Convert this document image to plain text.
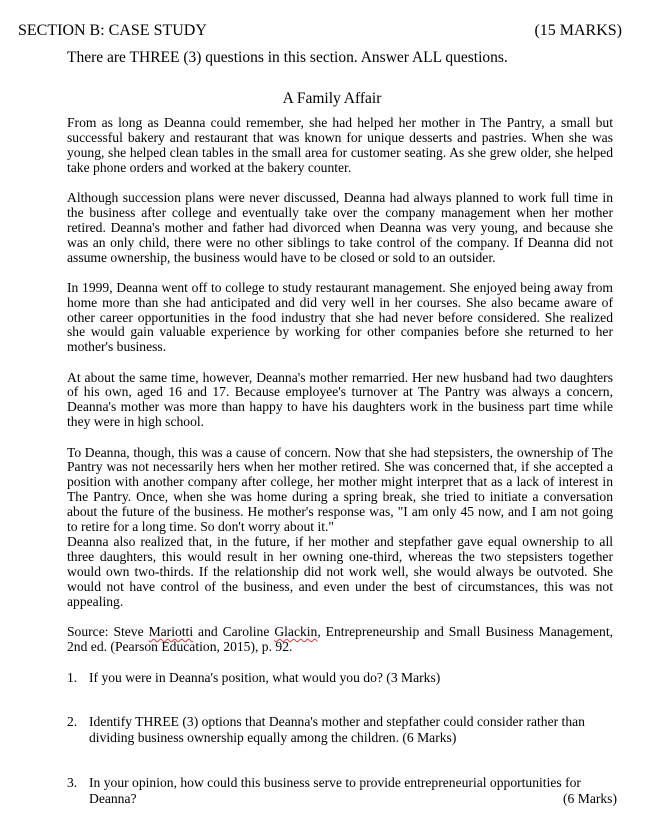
SECTION B: CASE STUDY	(15 MARKS)
There are THREE (3) questions in this section. Answer ALL questions.
A Family Affair

From as long as Deanna could remember, she had helped her mother in The Pantry, a small but successful bakery and restaurant that was known for unique desserts and pastries. When she was young, she helped clean tables in the small area for customer seating. As she grew older, she helped take phone orders and worked at the bakery counter.

Although succession plans were never discussed, Deanna had always planned to work full time in the business after college and eventually take over the company management when her mother retired. Deanna's mother and father had divorced when Deanna was very young, and because she was an only child, there were no other siblings to take control of the company. If Deanna did not assume ownership, the business would have to be closed or sold to an outsider.

In 1999, Deanna went off to college to study restaurant management. She enjoyed being away from home more than she had anticipated and did very well in her courses. She also became aware of other career opportunities in the food industry that she had never before considered. She realized she would gain valuable experience by working for other companies before she returned to her mother's business.

At about the same time, however, Deanna's mother remarried. Her new husband had two daughters of his own, aged 16 and 17. Because employee's turnover at The Pantry was always a concern, Deanna's mother was more than happy to have his daughters work in the business part time while they were in high school.

To Deanna, though, this was a cause of concern. Now that she had stepsisters, the ownership of The Pantry was not necessarily hers when her mother retired. She was concerned that, if she accepted a position with another company after college, her mother might interpret that as a lack of interest in The Pantry. Once, when she was home during a spring break, she tried to initiate a conversation about the future of the business. He mother's response was, "I am only 45 now, and I am not going to retire for a long time. So don't worry about it."

Deanna also realized that, in the future, if her mother and stepfather gave equal ownership to all three daughters, this would result in her owning one-third, whereas the two stepsisters together would own two-thirds. If the relationship did not work well, she would always be outvoted. She would not have control of the business, and even under the best of circumstances, this was not appealing.

Source: Steve Mariotti and Caroline Glackin, Entrepreneurship and Small Business Management, 2nd ed. (Pearson Education, 2015), p. 92.

1. If you were in Deanna's position, what would you do? (3 Marks)
2. Identify THREE (3) options that Deanna's mother and stepfather could consider rather than dividing business ownership equally among the children. (6 Marks)
3. In your opinion, how could this business serve to provide entrepreneurial opportunities for
Deanna?	(6 Marks)
